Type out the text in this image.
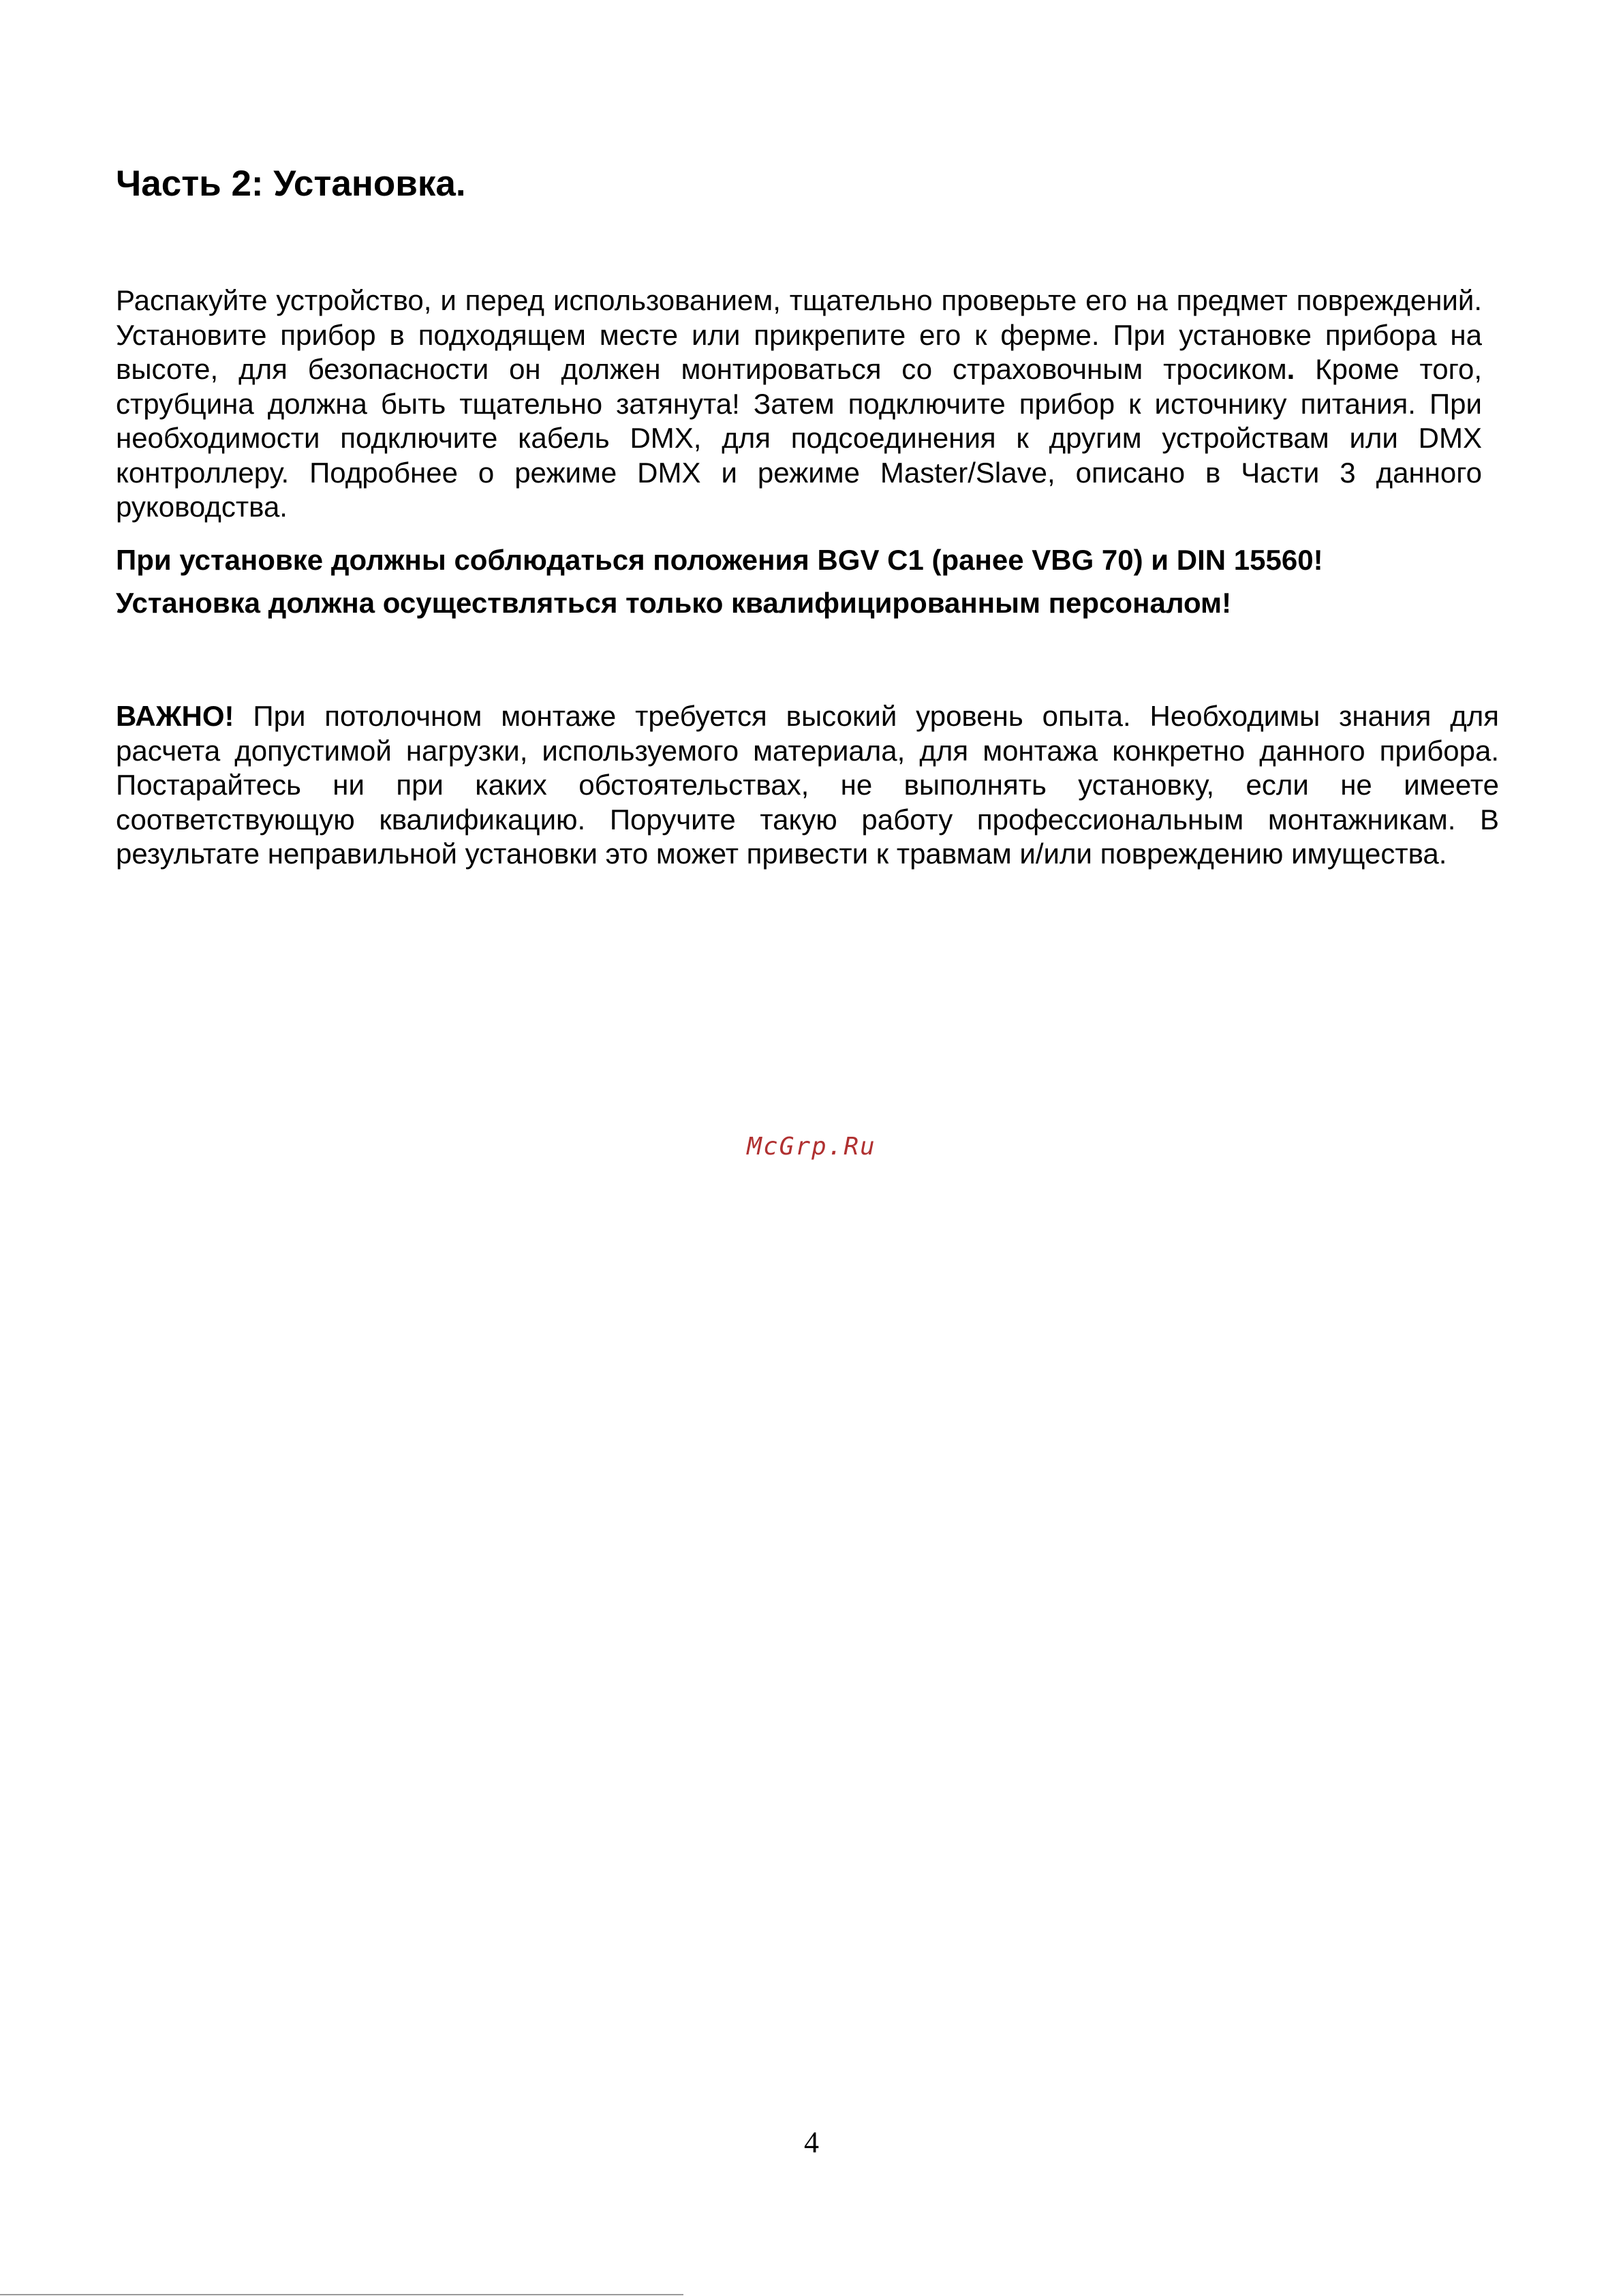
Часть 2: Установка.

Распакуйте устройство, и перед использованием, тщательно проверьте его на предмет повреждений. Установите прибор в подходящем месте или прикрепите его к ферме. При установке прибора на высоте, для безопасности он должен монтироваться со страховочным тросиком. Кроме того, струбцина должна быть тщательно затянута! Затем подключите прибор к источнику питания. При необходимости подключите кабель DMX, для подсоединения к другим устройствам или DMX контроллеру. Подробнее о режиме DMX и режиме Master/Slave, описано в Части 3 данного руководства.

При установке должны соблюдаться положения BGV C1 (ранее VBG 70) и DIN 15560!

Установка должна осуществляться только квалифицированным персоналом!

ВАЖНО! При потолочном монтаже требуется высокий уровень опыта. Необходимы знания для расчета допустимой нагрузки, используемого материала, для монтажа конкретно данного прибора. Постарайтесь ни при каких обстоятельствах, не выполнять установку, если не имеете соответствующую квалификацию. Поручите такую работу профессиональным монтажникам. В результате неправильной установки это может привести к травмам и/или повреждению имущества.

McGrp.Ru
4
